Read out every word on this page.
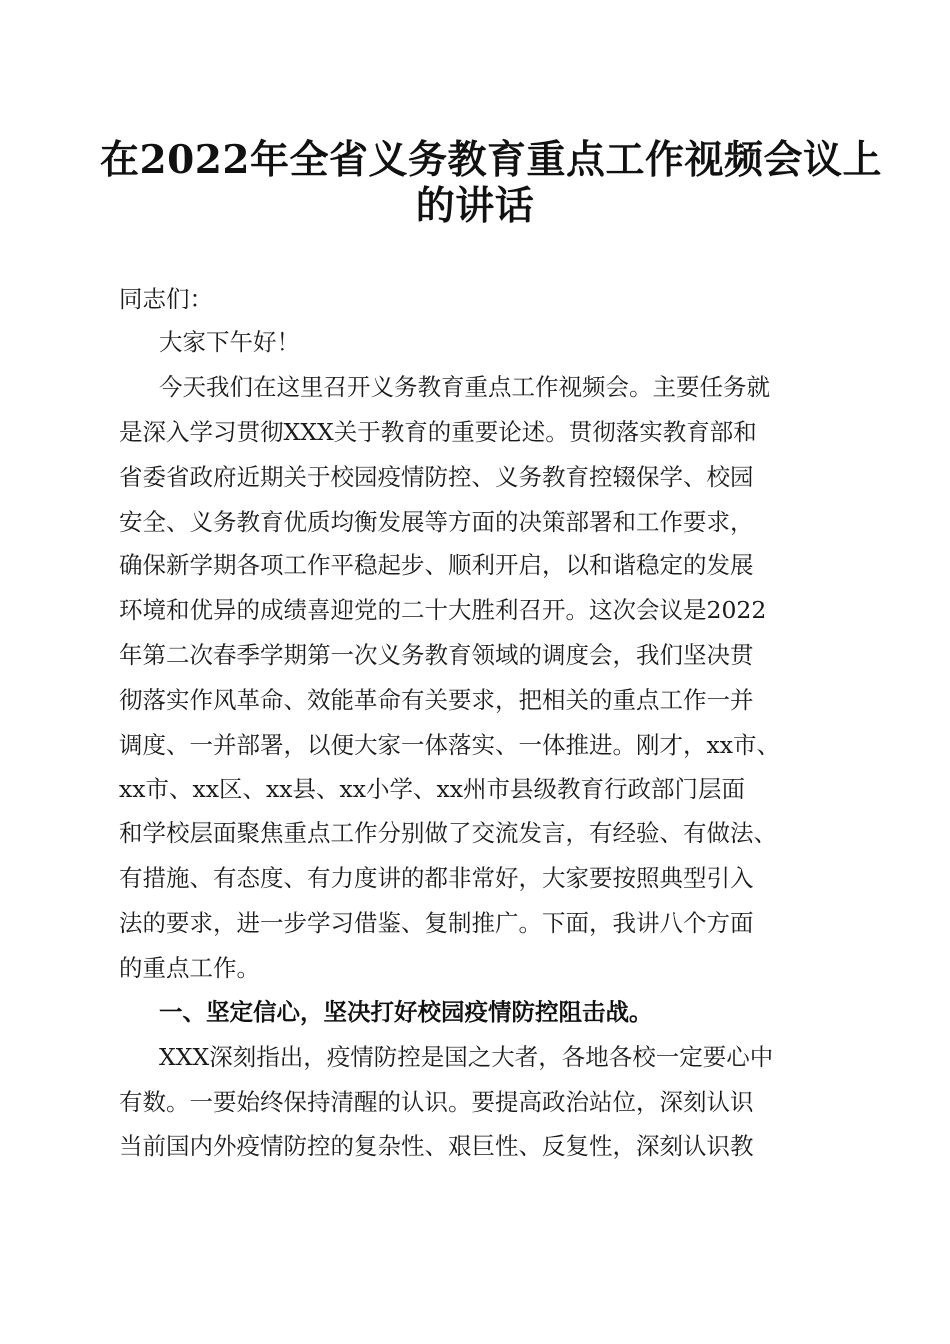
在2022年全省义务教育重点工作视频会议上
的讲话
同志们：
大家下午好！
今天我们在这里召开义务教育重点工作视频会。主要任务就
是深入学习贯彻XXX关于教育的重要论述。贯彻落实教育部和
省委省政府近期关于校园疫情防控、义务教育控辍保学、校园
安全、义务教育优质均衡发展等方面的决策部署和工作要求，
确保新学期各项工作平稳起步、顺利开启，以和谐稳定的发展
环境和优异的成绩喜迎党的二十大胜利召开。这次会议是2022
年第二次春季学期第一次义务教育领域的调度会，我们坚决贯
彻落实作风革命、效能革命有关要求，把相关的重点工作一并
调度、一并部署，以便大家一体落实、一体推进。刚才，xx市、
xx市、xx区、xx县、xx小学、xx州市县级教育行政部门层面
和学校层面聚焦重点工作分别做了交流发言，有经验、有做法、
有措施、有态度、有力度讲的都非常好，大家要按照典型引入
法的要求，进一步学习借鉴、复制推广。下面，我讲八个方面
的重点工作。
一、坚定信心，坚决打好校园疫情防控阻击战。
XXX深刻指出，疫情防控是国之大者，各地各校一定要心中
有数。一要始终保持清醒的认识。要提高政治站位，深刻认识
当前国内外疫情防控的复杂性、艰巨性、反复性，深刻认识教
